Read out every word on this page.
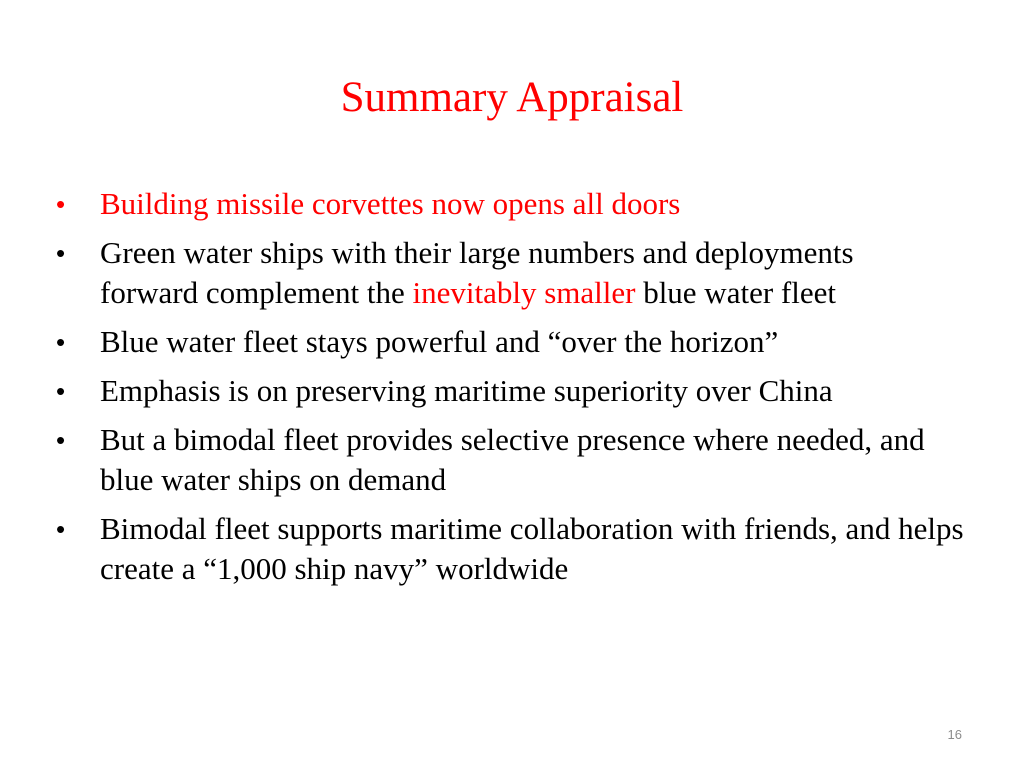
Summary Appraisal
•	Building missile corvettes now opens all doors
•	Green water ships with their large numbers and deployments
forward complement the inevitably smaller blue water fleet
•	Blue water fleet stays powerful and “over the horizon”
•	Emphasis is on preserving maritime superiority over China
•	But a bimodal fleet provides selective presence where needed, and blue water ships on demand
•	Bimodal fleet supports maritime collaboration with friends, and helps create a “1,000 ship navy” worldwide
16
